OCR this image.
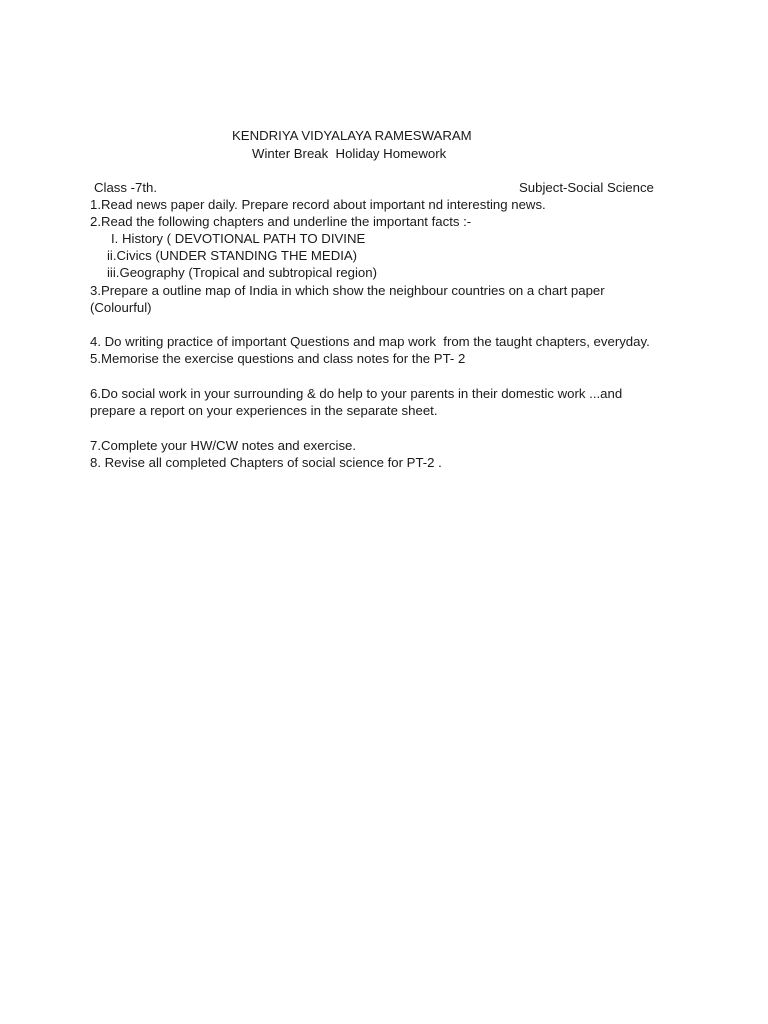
KENDRIYA VIDYALAYA RAMESWARAM
Winter Break  Holiday Homework
Class -7th.	Subject-Social Science
1.Read news paper daily. Prepare record about important nd interesting news.
2.Read the following chapters and underline the important facts :-
I. History ( DEVOTIONAL PATH TO DIVINE
ii.Civics (UNDER STANDING THE MEDIA)
iii.Geography (Tropical and subtropical region)
3.Prepare a outline map of India in which show the neighbour countries on a chart paper
(Colourful)
4. Do writing practice of important Questions and map work  from the taught chapters, everyday.
5.Memorise the exercise questions and class notes for the PT- 2
6.Do social work in your surrounding & do help to your parents in their domestic work ...and
prepare a report on your experiences in the separate sheet.
7.Complete your HW/CW notes and exercise.
8. Revise all completed Chapters of social science for PT-2 .
